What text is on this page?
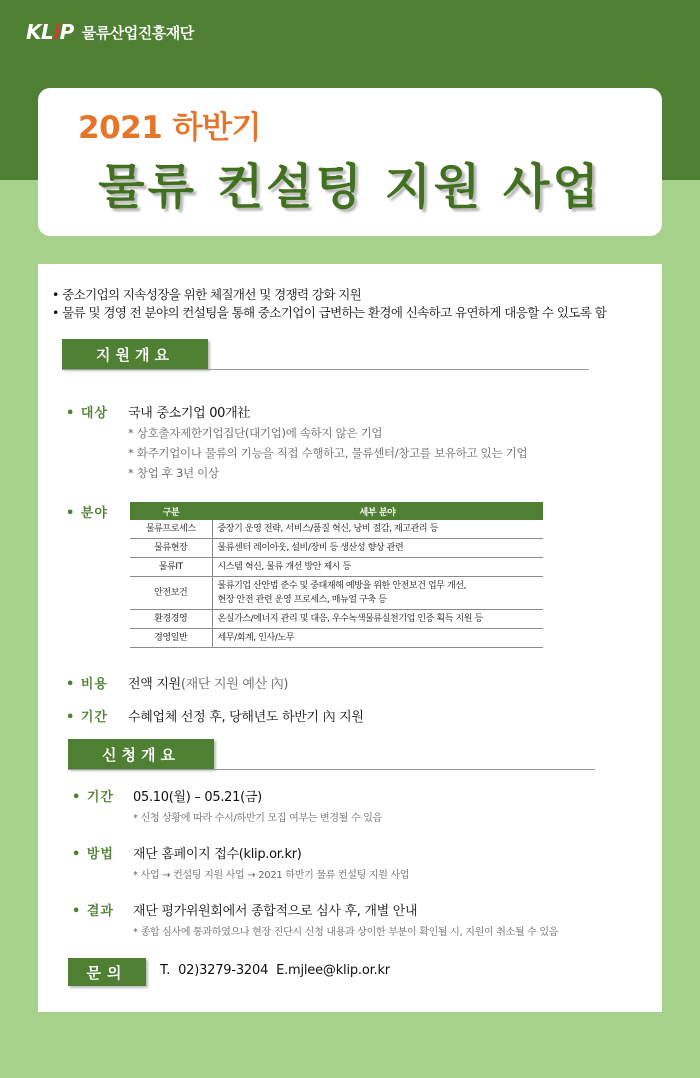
KLiP 물류산업진흥재단
2021 하반기
물류 컨설팅 지원 사업
• 중소기업의 지속성장을 위한 체질개선 및 경쟁력 강화 지원
• 물류 및 경영 전 분야의 컨설팅을 통해 중소기업이 급변하는 환경에 신속하고 유연하게 대응할 수 있도록 함
지원개요
• 대상 국내 중소기업 00개社
* 상호출자제한기업집단(대기업)에 속하지 않은 기업
* 화주기업이나 물류의 기능을 직접 수행하고, 물류센터/창고를 보유하고 있는 기업
* 창업 후 3년 이상
• 분야	구분	세부 분야
물류프로세스	중장기 운영 전략, 서비스/품질 혁신, 낭비 절감, 재고관리 등
물류현장	물류센터 레이아웃, 설비/장비 등 생산성 향상 관련
물류IT	시스템 혁신, 물류 개선 방안 제시 등
안전보건	물류기업 산안법 준수 및 중대재해 예방을 위한 안전보건 업무 개선,
현장 안전 관련 운영 프로세스, 매뉴얼 구축 등

환경경영	온실가스/에너지 관리 및 대응, 우수녹색물류실천기업 인증 획득 지원 등
경영일반	세무/회계, 인사/노무
• 비용 전액 지원(재단 지원 예산 內)
• 기간 수혜업체 선정 후, 당해년도 하반기 內 지원
신청개요
• 기간 05.10(월) – 05.21(금)
* 신청 상황에 따라 수시/하반기 모집 여부는 변경될 수 있음
• 방법 재단 홈페이지 접수(klip.or.kr)
* 사업 → 컨설팅 지원 사업 → 2021 하반기 물류 컨설팅 지원 사업
• 결과 재단 평가위원회에서 종합적으로 심사 후, 개별 안내
* 종합 심사에 통과하였으나 현장 진단시 신청 내용과 상이한 부분이 확인될 시, 지원이 취소될 수 있음
문의	T. 02)3279-3204 E.mjlee@klip.or.kr
